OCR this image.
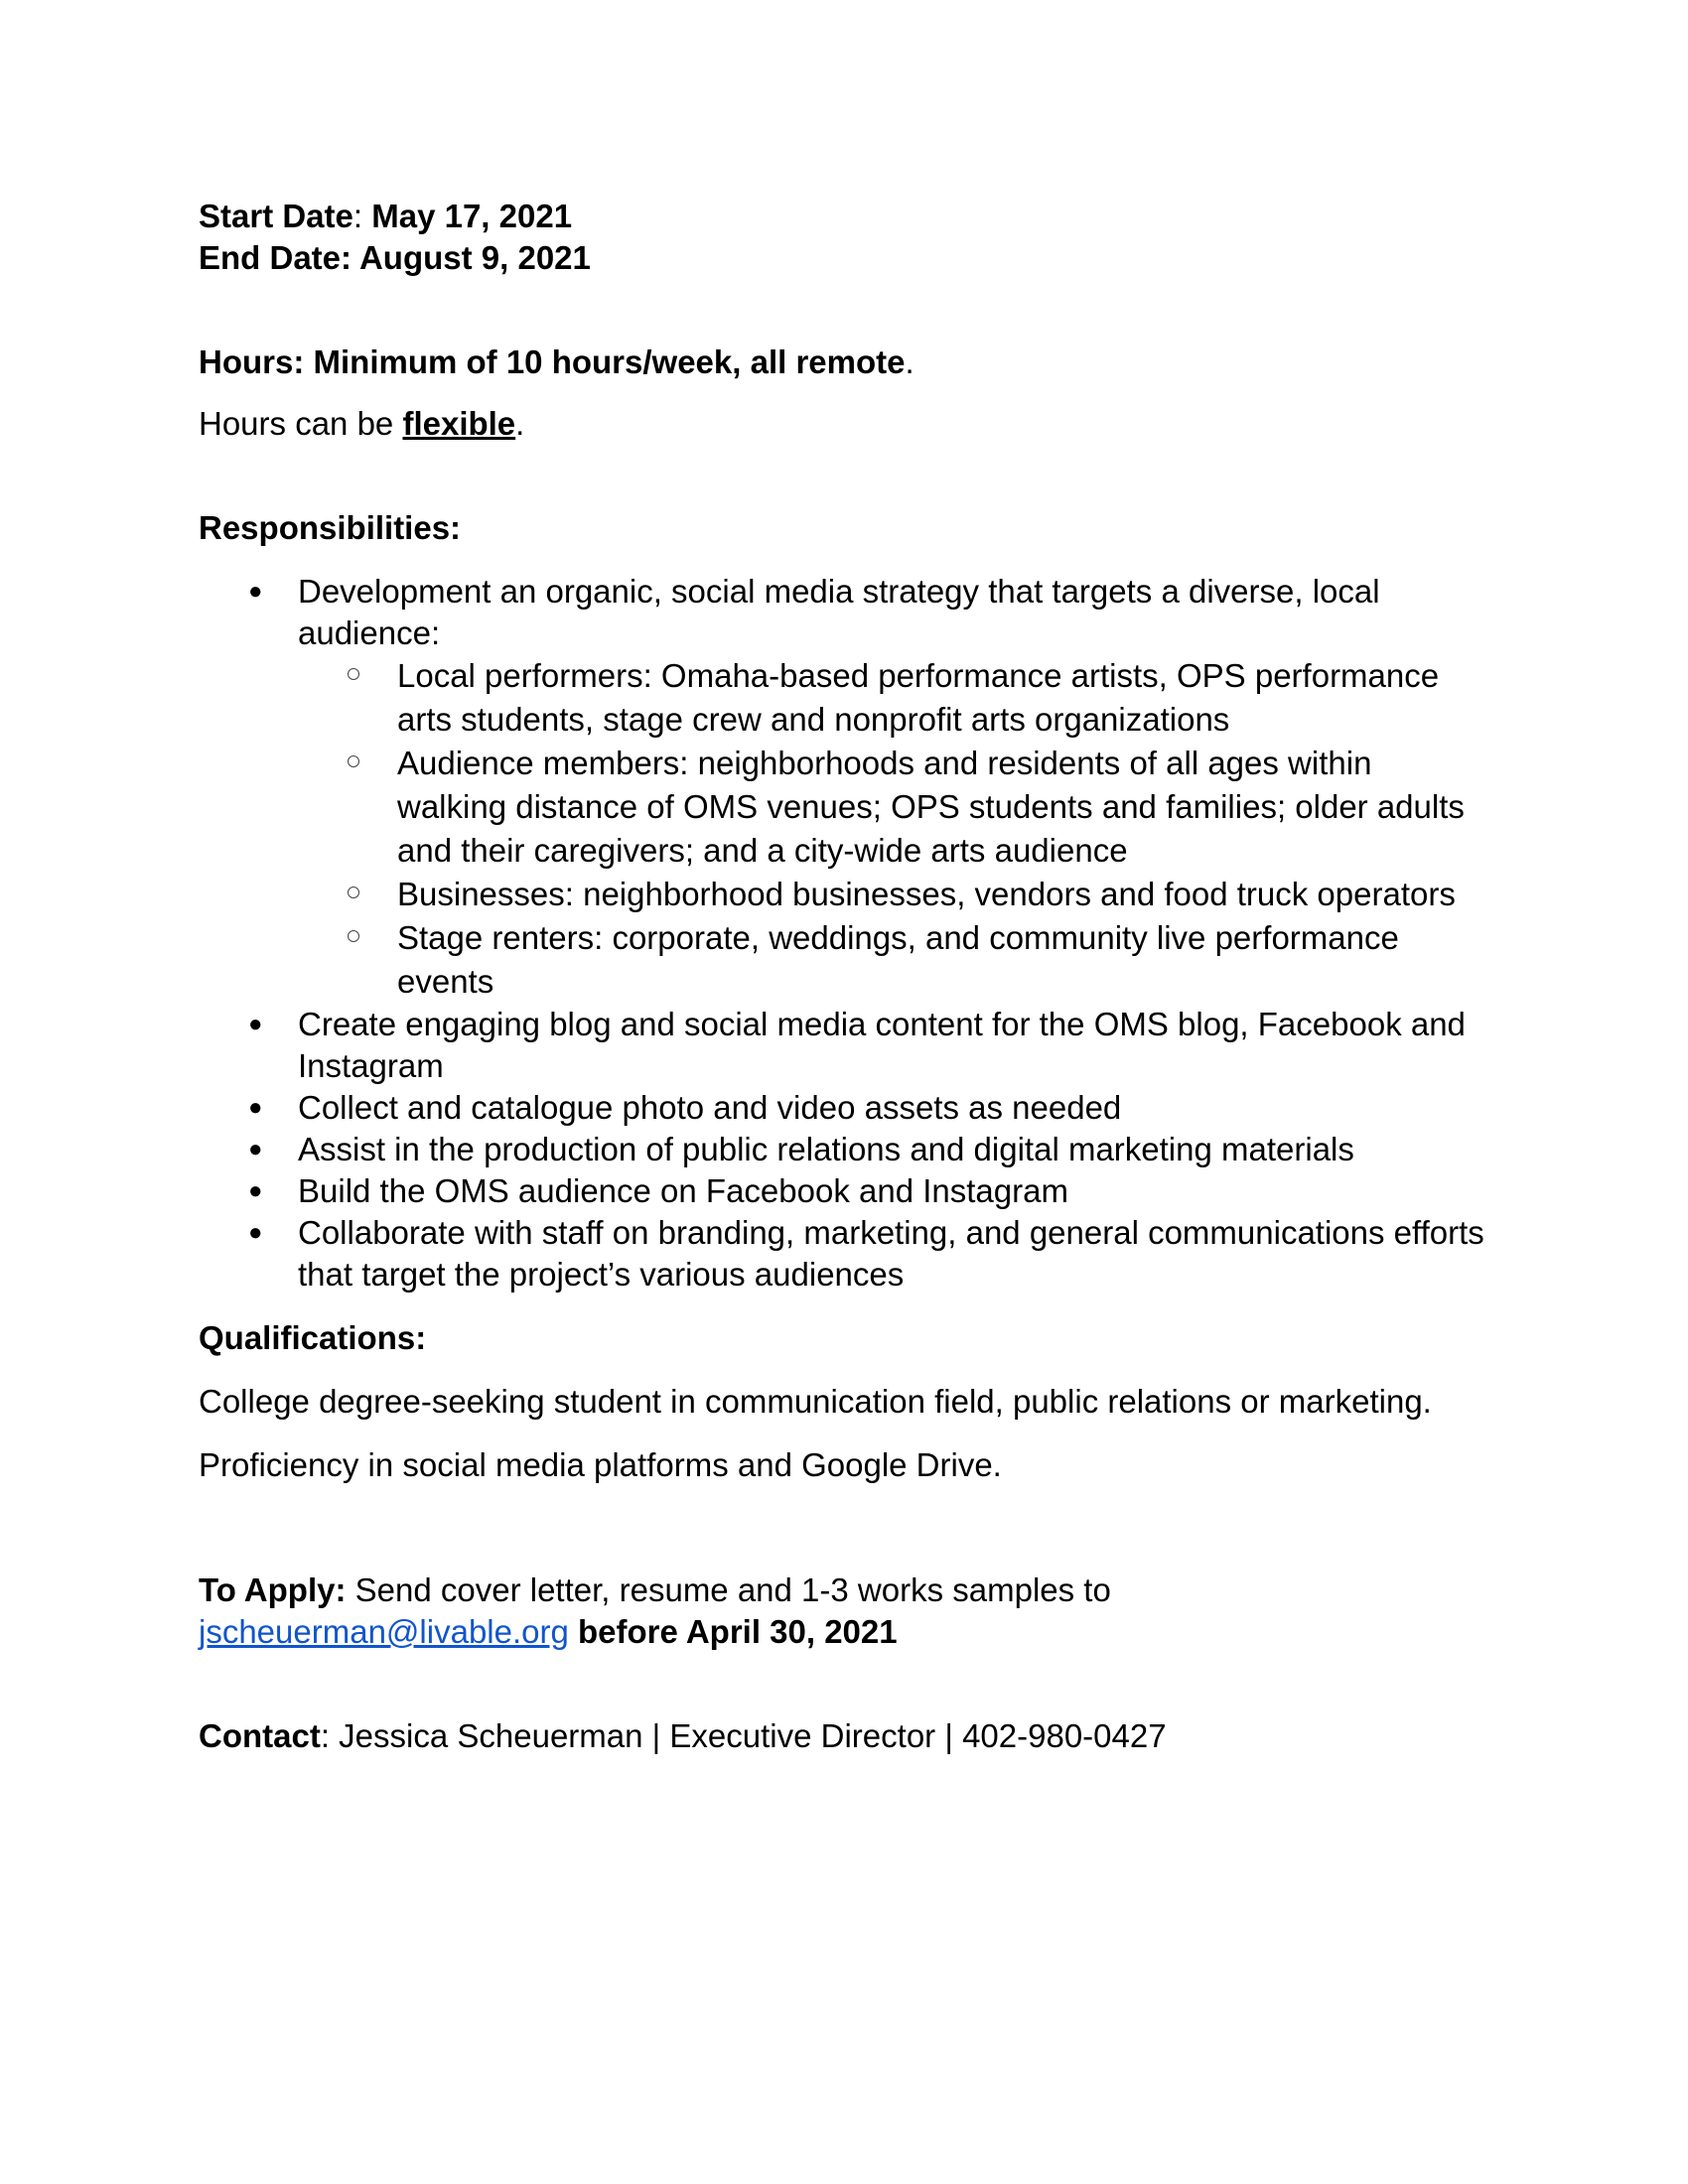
Start Date: May 17, 2021

End Date: August 9, 2021

Hours: Minimum of 10 hours/week, all remote.

Hours can be flexible.

Responsibilities:

● Development an organic, social media strategy that targets a diverse, local audience:
Local performers: Omaha-based performance artists, OPS performance arts students, stage crew and nonprofit arts organizations
Audience members: neighborhoods and residents of all ages within walking distance of OMS venues; OPS students and families; older adults and their caregivers; and a city-wide arts audience
Businesses: neighborhood businesses, vendors and food truck operators
Stage renters: corporate, weddings, and community live performance events
● Create engaging blog and social media content for the OMS blog, Facebook and Instagram
● Collect and catalogue photo and video assets as needed
● Assist in the production of public relations and digital marketing materials
● Build the OMS audience on Facebook and Instagram
● Collaborate with staff on branding, marketing, and general communications efforts that target the project’s various audiences

Qualifications:

College degree-seeking student in communication field, public relations or marketing.

Proficiency in social media platforms and Google Drive.

To Apply: Send cover letter, resume and 1-3 works samples to

jscheuerman@livable.org before April 30, 2021

Contact: Jessica Scheuerman | Executive Director | 402-980-0427
